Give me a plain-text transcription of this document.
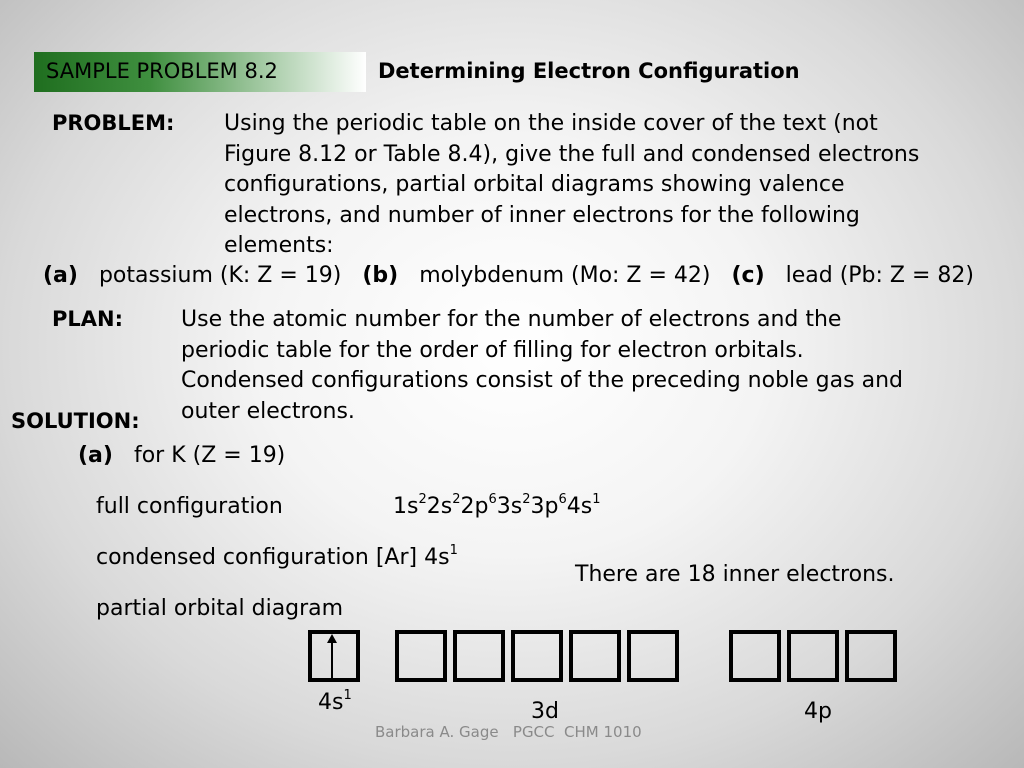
SAMPLE PROBLEM 8.2	Determining Electron Configuration
PROBLEM: Using the periodic table on the inside cover of the text (not
Figure 8.12 or Table 8.4), give the full and condensed electrons
configurations, partial orbital diagrams showing valence
electrons, and number of inner electrons for the following
elements:
(a) potassium (K: Z = 19) (b) molybdenum (Mo: Z = 42) (c) lead (Pb: Z = 82)
PLAN:	Use the atomic number for the number of electrons and the
periodic table for the order of filling for electron orbitals.
Condensed configurations consist of the preceding noble gas and
outer electrons.
SOLUTION:
(a) for K (Z = 19)
full configuration	$1s^22s^22p^63s^23p^64s^1$
condensed configuration [Ar] $4s^1$
There are 18 inner electrons.
partial orbital diagram
$4s^1$
3d	4p
Barbara A. Gage   PGCC  CHM 1010
